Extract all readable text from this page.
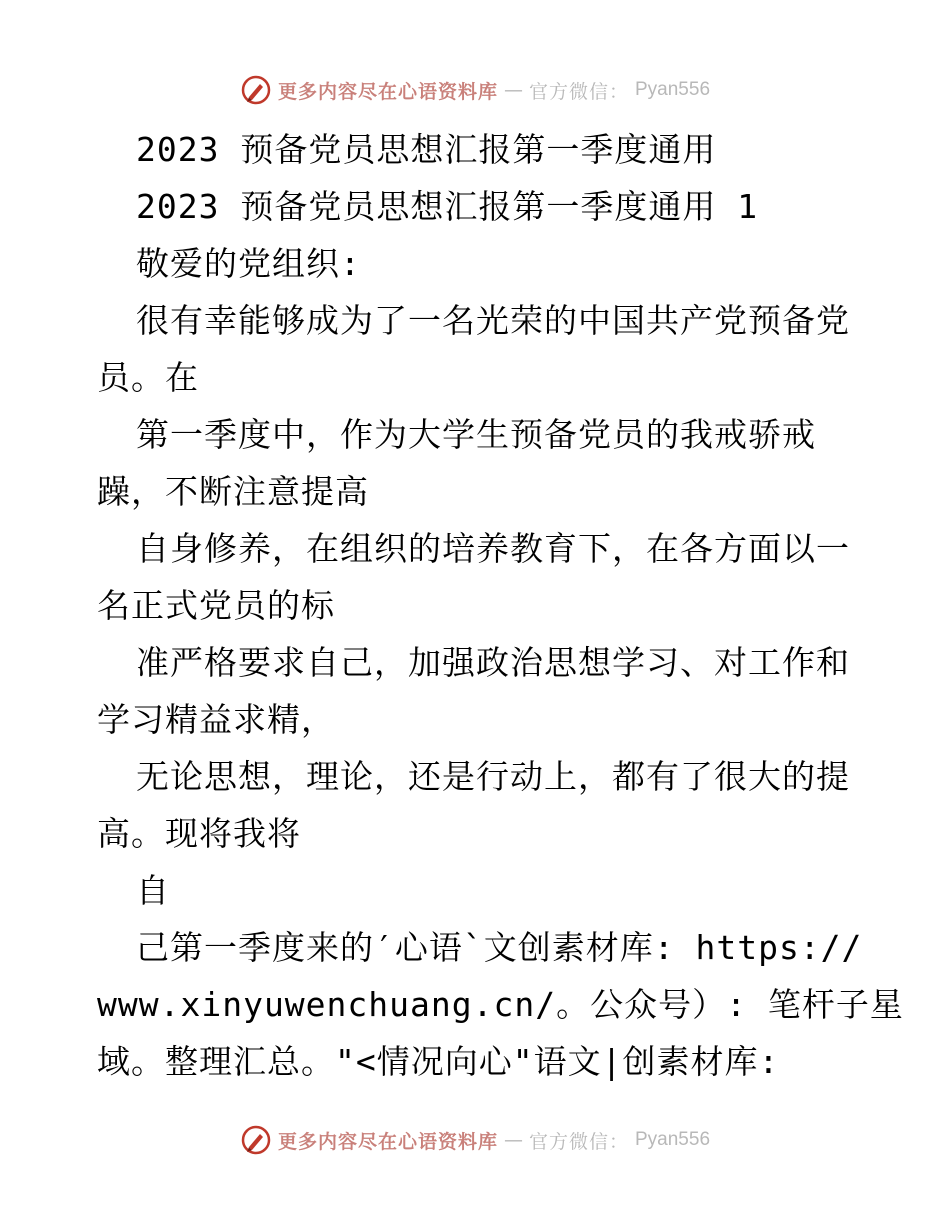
更多内容尽在心语资料库 — 官方微信： Pyan556
2023 预备党员思想汇报第一季度通用
2023 预备党员思想汇报第一季度通用 1
敬爱的党组织:
很有幸能够成为了一名光荣的中国共产党预备党
员。在
第一季度中，作为大学生预备党员的我戒骄戒
躁，不断注意提高
自身修养，在组织的培养教育下，在各方面以一
名正式党员的标
准严格要求自己，加强政治思想学习、对工作和
学习精益求精，
无论思想，理论，还是行动上，都有了很大的提
高。现将我将
自
己第一季度来的′心语`文创素材库: https://
www.xinyuwenchuang.cn/。公众号）: 笔杆子星
域。整理汇总。"<情况向心"语文|创素材库:
更多内容尽在心语资料库 — 官方微信： Pyan556
